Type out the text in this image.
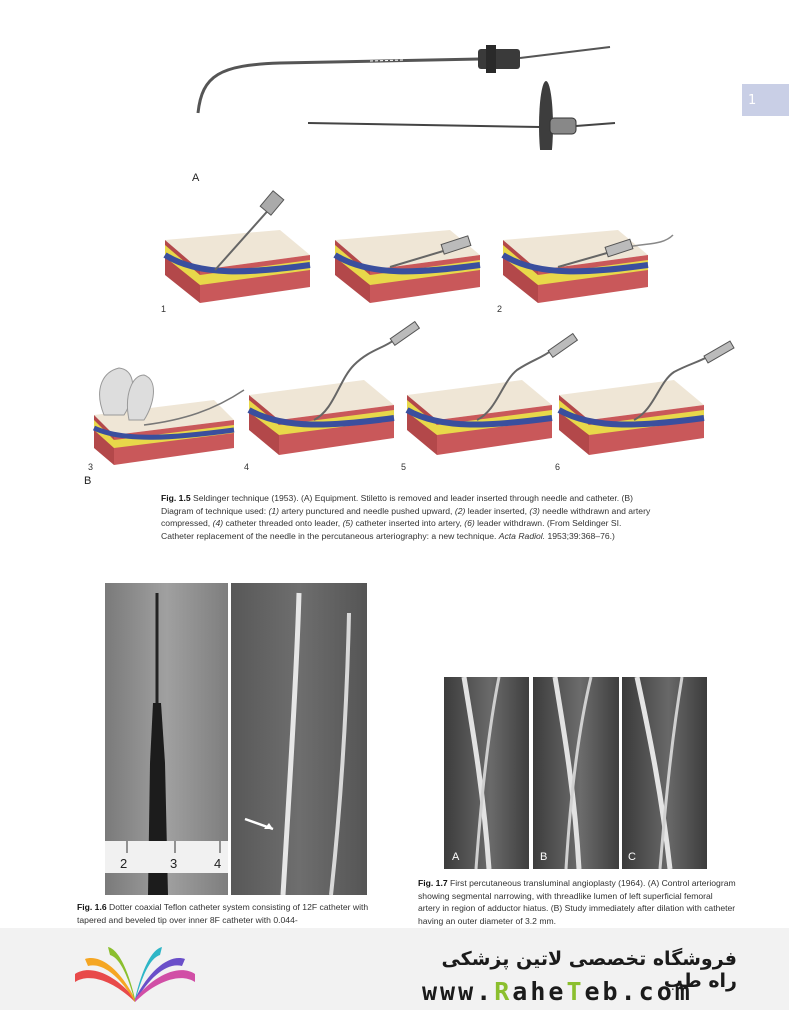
1
A
1	2
3	4	5	6
B
Fig. 1.5 Seldinger technique (1953). (A) Equipment. Stiletto is removed and leader inserted through needle and catheter. (B) Diagram of technique used: (1) artery punctured and needle pushed upward, (2) leader inserted, (3) needle withdrawn and artery compressed, (4) catheter threaded onto leader, (5) catheter inserted into artery, (6) leader withdrawn. (From Seldinger SI. Catheter replacement of the needle in the percutaneous arteriography: a new technique. Acta Radiol. 1953;39:368–76.)
2	3	4
Fig. 1.6 Dotter coaxial Teflon catheter system consisting of 12F catheter with tapered and beveled tip over inner 8F catheter with 0.044-
A	B	C
Fig. 1.7 First percutaneous transluminal angioplasty (1964). (A) Control arteriogram showing segmental narrowing, with threadlike lumen of left superficial femoral artery in region of adductor hiatus. (B) Study immediately after dilation with catheter having an outer diameter of 3.2 mm.
فروشگاه تخصصی لاتین پزشکی راه طب
www.RaheTeb.com
